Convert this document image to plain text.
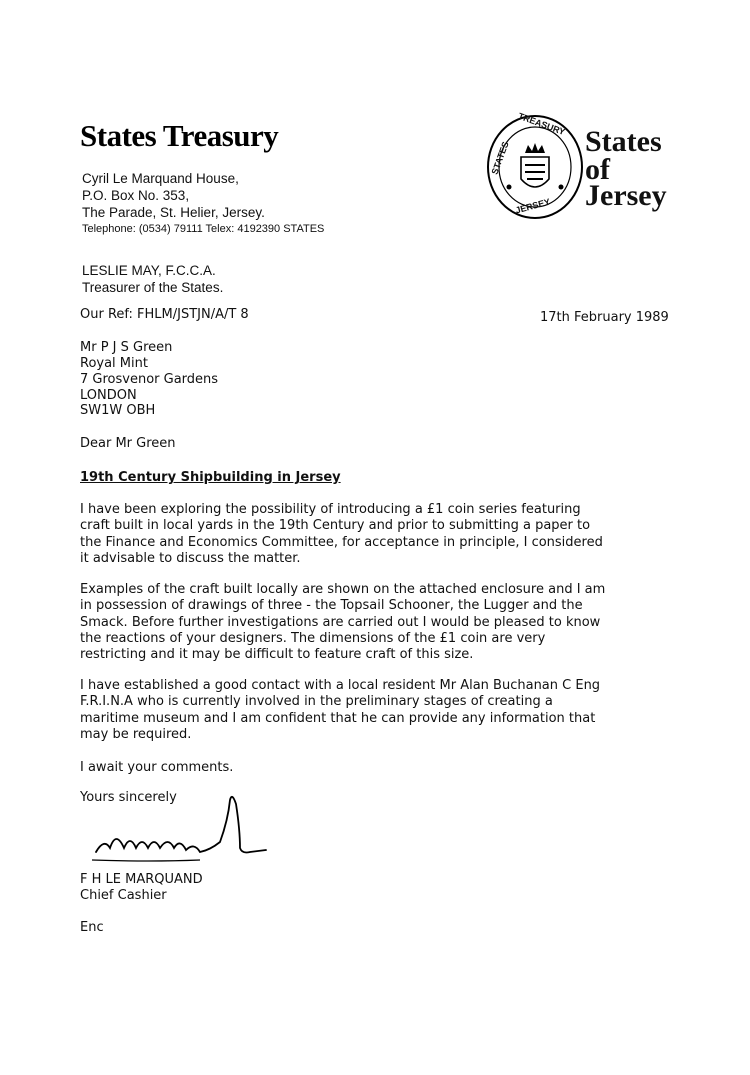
States Treasury
Cyril Le Marquand House,
P.O. Box No. 353,
The Parade, St. Helier, Jersey.
Telephone: (0534) 79111 Telex: 4192390 STATES
TREASURY
STATES
JERSEY
States
of
Jersey
LESLIE MAY, F.C.C.A.
Treasurer of the States.
Our Ref: FHLM/JSTJN/A/T 8	17th February 1989
Mr P J S Green
Royal Mint
7 Grosvenor Gardens
LONDON
SW1W OBH
Dear Mr Green
19th Century Shipbuilding in Jersey
I have been exploring the possibility of introducing a £1 coin series featuring
craft built in local yards in the 19th Century and prior to submitting a paper to
the Finance and Economics Committee, for acceptance in principle, I considered
it advisable to discuss the matter.
Examples of the craft built locally are shown on the attached enclosure and I am
in possession of drawings of three - the Topsail Schooner, the Lugger and the
Smack. Before further investigations are carried out I would be pleased to know
the reactions of your designers. The dimensions of the £1 coin are very
restricting and it may be difficult to feature craft of this size.
I have established a good contact with a local resident Mr Alan Buchanan C Eng
F.R.I.N.A who is currently involved in the preliminary stages of creating a
maritime museum and I am confident that he can provide any information that
may be required.
I await your comments.
Yours sincerely
F H LE MARQUAND
Chief Cashier
Enc
